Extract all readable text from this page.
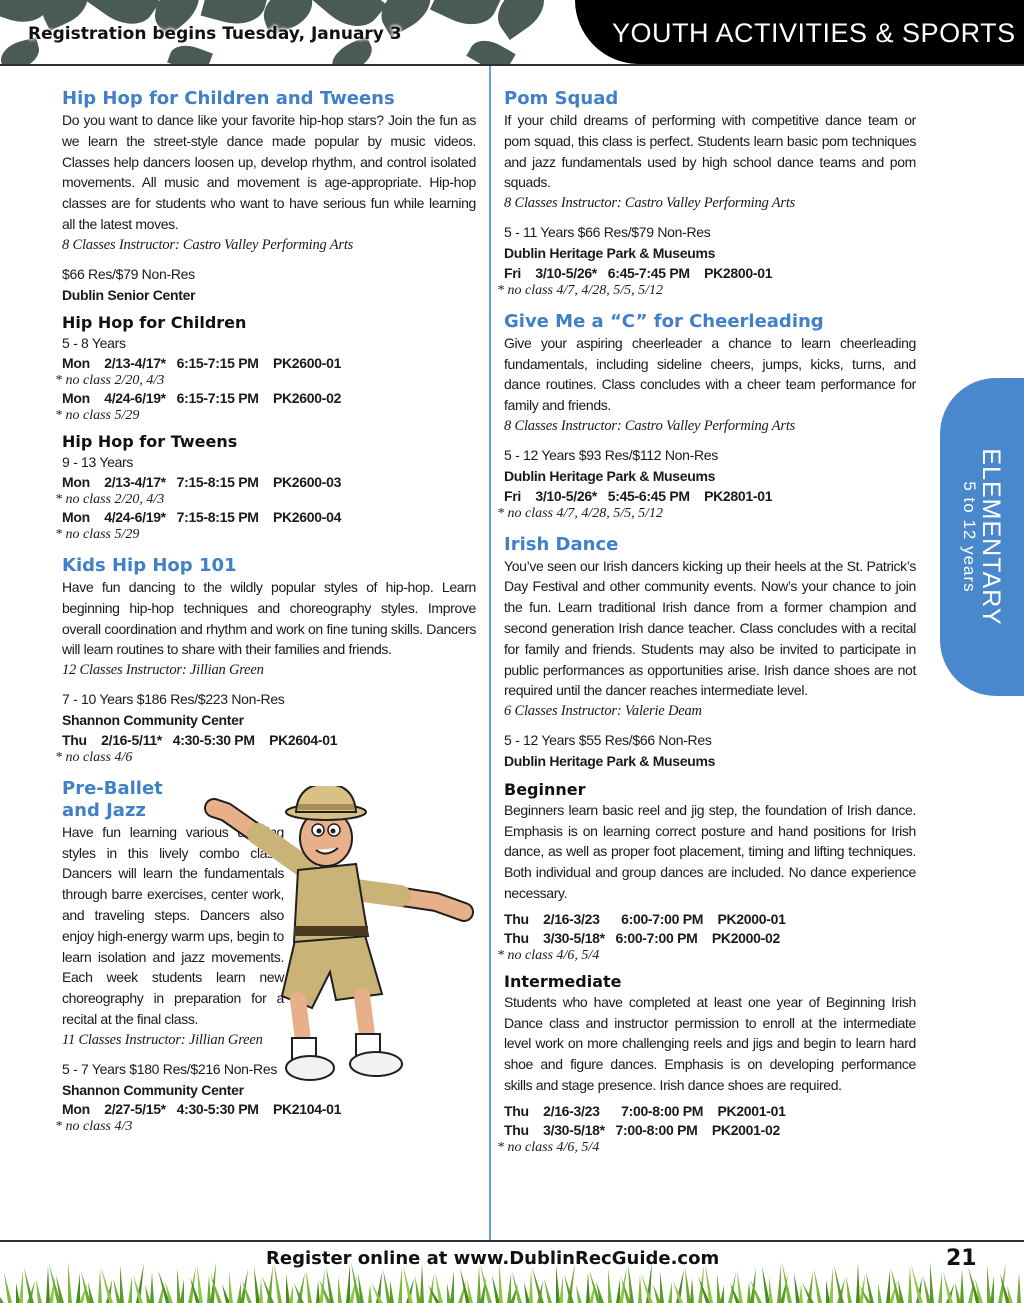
Registration begins Tuesday, January 3	YOUTH ACTIVITIES & SPORTS
Hip Hop for Children and Tweens
Do you want to dance like your favorite hip-hop stars? Join the fun as we learn the street-style dance made popular by music videos. Classes help dancers loosen up, develop rhythm, and control isolated movements. All music and movement is age-appropriate. Hip-hop classes are for students who want to have serious fun while learning all the latest moves.
8 Classes Instructor: Castro Valley Performing Arts
$66 Res/$79 Non-Res
Dublin Senior Center
Hip Hop for Children
5 - 8 Years
Mon    2/13-4/17*   6:15-7:15 PM    PK2600-01
* no class 2/20, 4/3
Mon    4/24-6/19*   6:15-7:15 PM    PK2600-02
* no class 5/29
Hip Hop for Tweens
9 - 13 Years
Mon    2/13-4/17*   7:15-8:15 PM    PK2600-03
* no class 2/20, 4/3
Mon    4/24-6/19*   7:15-8:15 PM    PK2600-04
* no class 5/29
Kids Hip Hop 101
Have fun dancing to the wildly popular styles of hip-hop. Learn beginning hip-hop techniques and choreography styles. Improve overall coordination and rhythm and work on fine tuning skills. Dancers will learn routines to share with their families and friends.
12 Classes Instructor: Jillian Green
7 - 10 Years $186 Res/$223 Non-Res
Shannon Community Center
Thu    2/16-5/11*   4:30-5:30 PM    PK2604-01
* no class 4/6
Pre-Ballet
and Jazz
Have fun learning various dancing styles in this lively combo class. Dancers will learn the fundamentals through barre exercises, center work, and traveling steps. Dancers also enjoy high-energy warm ups, begin to learn isolation and jazz movements. Each week students learn new choreography in preparation for a recital at the final class.
11 Classes Instructor: Jillian Green
5 - 7 Years $180 Res/$216 Non-Res
Shannon Community Center
Mon    2/27-5/15*   4:30-5:30 PM    PK2104-01
* no class 4/3
Pom Squad
If your child dreams of performing with competitive dance team or pom squad, this class is perfect. Students learn basic pom techniques and jazz fundamentals used by high school dance teams and pom squads.
8 Classes Instructor: Castro Valley Performing Arts
5 - 11 Years $66 Res/$79 Non-Res
Dublin Heritage Park & Museums
Fri    3/10-5/26*   6:45-7:45 PM    PK2800-01
* no class 4/7, 4/28, 5/5, 5/12
Give Me a “C” for Cheerleading
Give your aspiring cheerleader a chance to learn cheerleading fundamentals, including sideline cheers, jumps, kicks, turns, and dance routines. Class concludes with a cheer team performance for family and friends.
8 Classes Instructor: Castro Valley Performing Arts
5 - 12 Years $93 Res/$112 Non-Res
Dublin Heritage Park & Museums
Fri    3/10-5/26*   5:45-6:45 PM    PK2801-01
* no class 4/7, 4/28, 5/5, 5/12
Irish Dance
You’ve seen our Irish dancers kicking up their heels at the St. Patrick’s Day Festival and other community events. Now’s your chance to join the fun. Learn traditional Irish dance from a former champion and second generation Irish dance teacher. Class concludes with a recital for family and friends. Students may also be invited to participate in public performances as opportunities arise. Irish dance shoes are not required until the dancer reaches intermediate level.
6 Classes Instructor: Valerie Deam
5 - 12 Years $55 Res/$66 Non-Res
Dublin Heritage Park & Museums
Beginner
Beginners learn basic reel and jig step, the foundation of Irish dance. Emphasis is on learning correct posture and hand positions for Irish dance, as well as proper foot placement, timing and lifting techniques. Both individual and group dances are included. No dance experience necessary.
Thu    2/16-3/23      6:00-7:00 PM    PK2000-01
Thu    3/30-5/18*   6:00-7:00 PM    PK2000-02
* no class 4/6, 5/4
Intermediate
Students who have completed at least one year of Beginning Irish Dance class and instructor permission to enroll at the intermediate level work on more challenging reels and jigs and begin to learn hard shoe and figure dances. Emphasis is on developing performance skills and stage presence. Irish dance shoes are required.
Thu    2/16-3/23      7:00-8:00 PM    PK2001-01
Thu    3/30-5/18*   7:00-8:00 PM    PK2001-02
* no class 4/6, 5/4
ELEMENTARY
5 to 12 years
Register online at www.DublinRecGuide.com	21
